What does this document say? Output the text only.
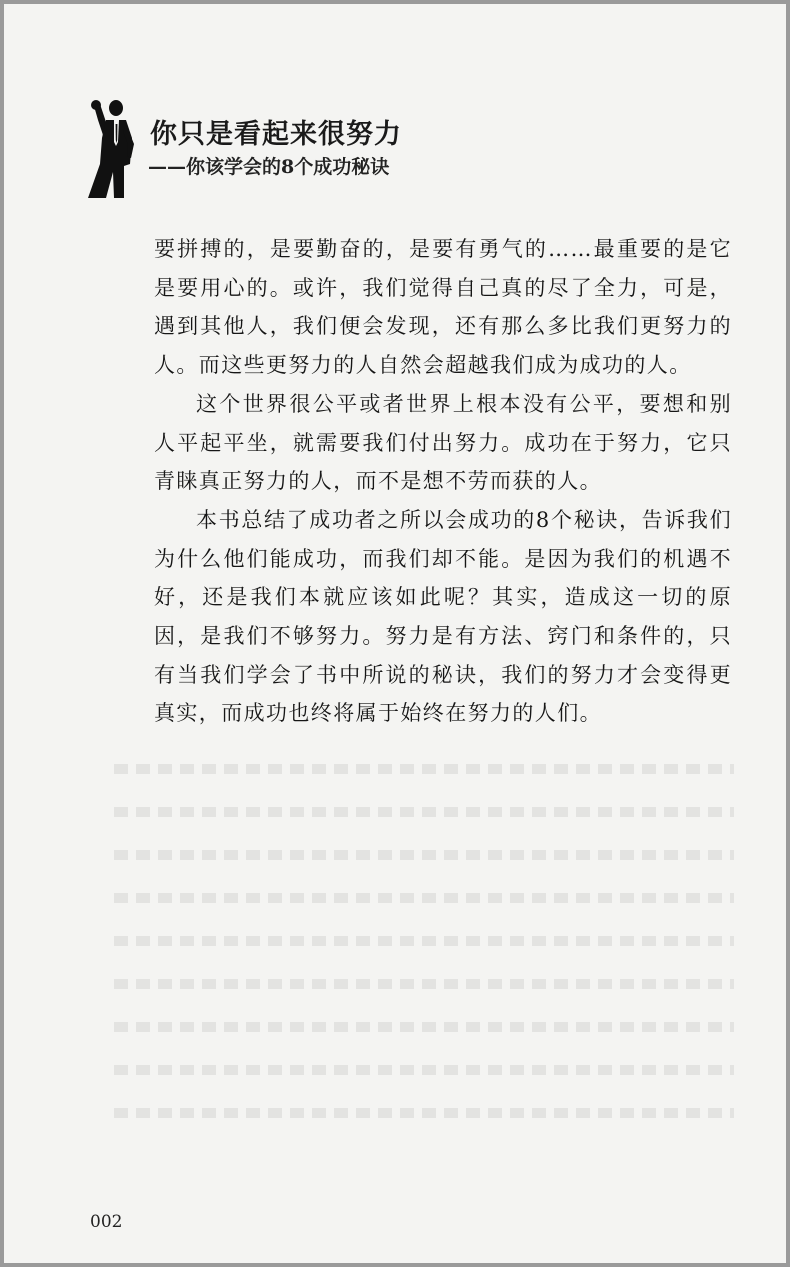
你只是看起来很努力
——你该学会的8个成功秘诀

要拼搏的，是要勤奋的，是要有勇气的……最重要的是它是要用心的。或许，我们觉得自己真的尽了全力，可是，遇到其他人，我们便会发现，还有那么多比我们更努力的人。而这些更努力的人自然会超越我们成为成功的人。

这个世界很公平或者世界上根本没有公平，要想和别人平起平坐，就需要我们付出努力。成功在于努力，它只青睐真正努力的人，而不是想不劳而获的人。

本书总结了成功者之所以会成功的8个秘诀，告诉我们为什么他们能成功，而我们却不能。是因为我们的机遇不好，还是我们本就应该如此呢？其实，造成这一切的原因，是我们不够努力。努力是有方法、窍门和条件的，只有当我们学会了书中所说的秘诀，我们的努力才会变得更真实，而成功也终将属于始终在努力的人们。

002
